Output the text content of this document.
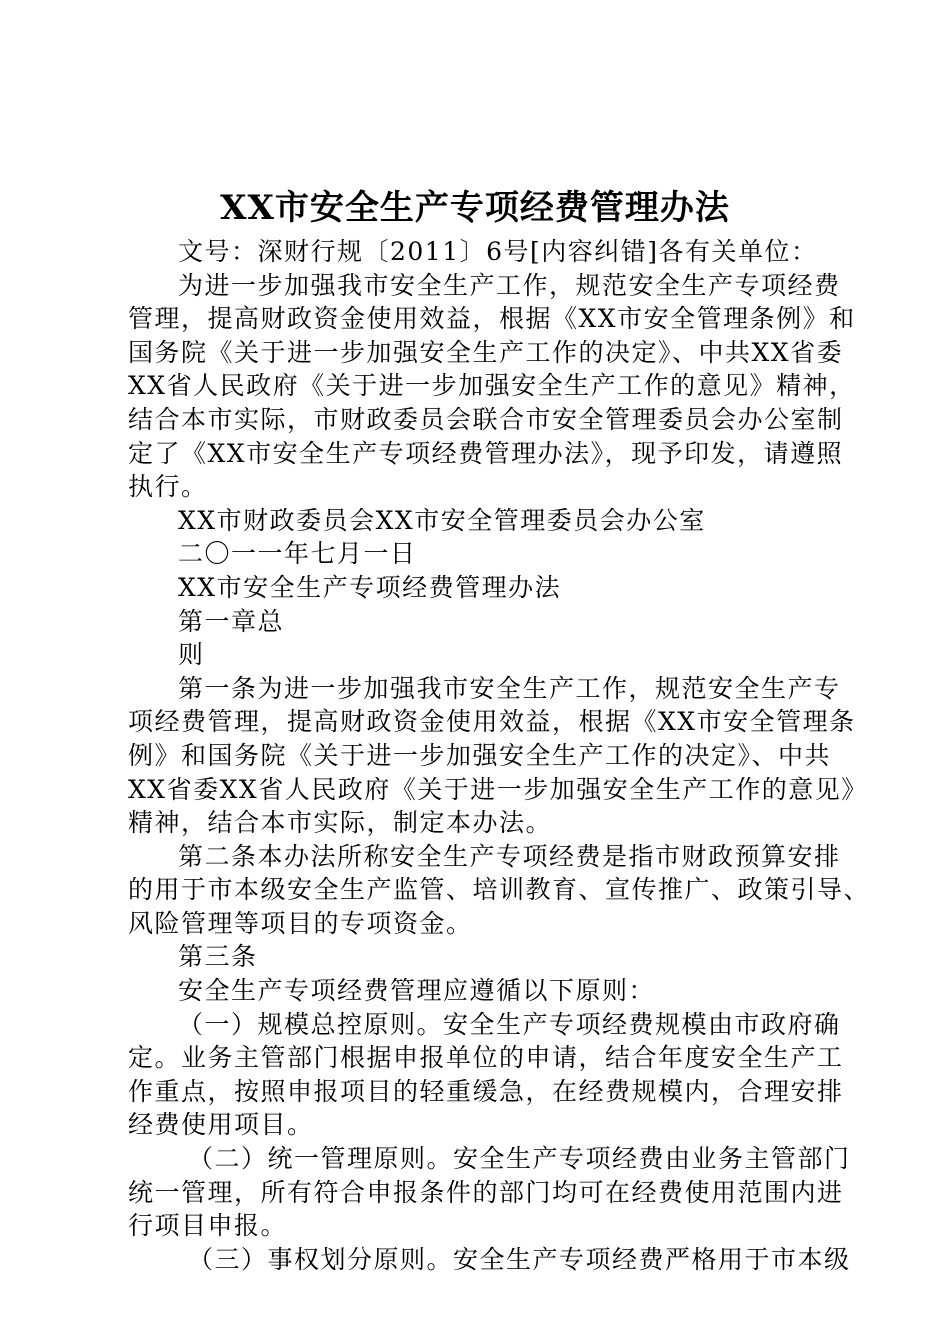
XX市安全生产专项经费管理办法
文号：深财行规〔2011〕6号[内容纠错]各有关单位：
为进一步加强我市安全生产工作，规范安全生产专项经费
管理，提高财政资金使用效益，根据《XX市安全管理条例》和
国务院《关于进一步加强安全生产工作的决定》、中共XX省委
XX省人民政府《关于进一步加强安全生产工作的意见》精神，
结合本市实际，市财政委员会联合市安全管理委员会办公室制
定了《XX市安全生产专项经费管理办法》，现予印发，请遵照
执行。
XX市财政委员会XX市安全管理委员会办公室
二〇一一年七月一日
XX市安全生产专项经费管理办法
第一章总
则
第一条为进一步加强我市安全生产工作，规范安全生产专
项经费管理，提高财政资金使用效益，根据《XX市安全管理条
例》和国务院《关于进一步加强安全生产工作的决定》、中共
XX省委XX省人民政府《关于进一步加强安全生产工作的意见》
精神，结合本市实际，制定本办法。
第二条本办法所称安全生产专项经费是指市财政预算安排
的用于市本级安全生产监管、培训教育、宣传推广、政策引导、
风险管理等项目的专项资金。
第三条
安全生产专项经费管理应遵循以下原则：
（一）规模总控原则。安全生产专项经费规模由市政府确
定。业务主管部门根据申报单位的申请，结合年度安全生产工
作重点，按照申报项目的轻重缓急，在经费规模内，合理安排
经费使用项目。
（二）统一管理原则。安全生产专项经费由业务主管部门
统一管理，所有符合申报条件的部门均可在经费使用范围内进
行项目申报。
（三）事权划分原则。安全生产专项经费严格用于市本级
